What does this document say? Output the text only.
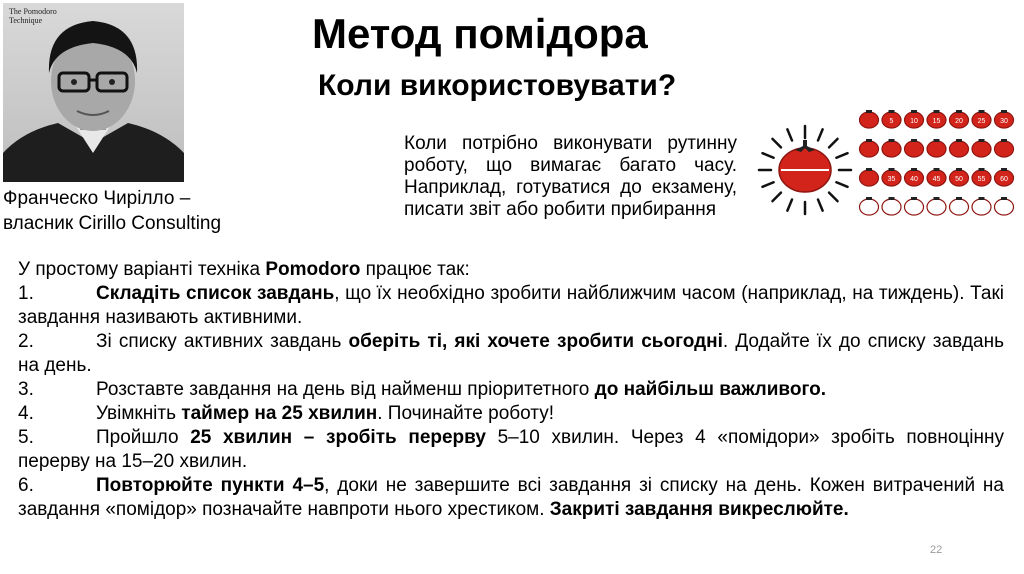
The Pomodoro Technique
Франческо Чирілло –
власник Cirillo Consulting
Метод помідора
Коли використовувати?
Коли потрібно виконувати рутинну роботу, що вимагає багато часу. Наприклад, готуватися до екзамену, писати звіт або робити прибирання
5 10 15 20 25 30
35 40 45 50 55 60

У простому варіанті техніка Pomodoro працює так:

1.	Складіть список завдань, що їх необхідно зробити найближчим часом (наприклад, на тиждень). Такі завдання називають активними.

2.	Зі списку активних завдань оберіть ті, які хочете зробити сьогодні. Додайте їх до списку завдань на день.

3.	Розставте завдання на день від найменш пріоритетного до найбільш важливого.

4.	Увімкніть таймер на 25 хвилин. Починайте роботу!

5.	Пройшло 25 хвилин – зробіть перерву 5–10 хвилин. Через 4 «помідори» зробіть повноцінну перерву на 15–20 хвилин.

6.	Повторюйте пункти 4–5, доки не завершите всі завдання зі списку на день. Кожен витрачений на завдання «помідор» позначайте навпроти нього хрестиком. Закриті завдання викреслюйте.

22
